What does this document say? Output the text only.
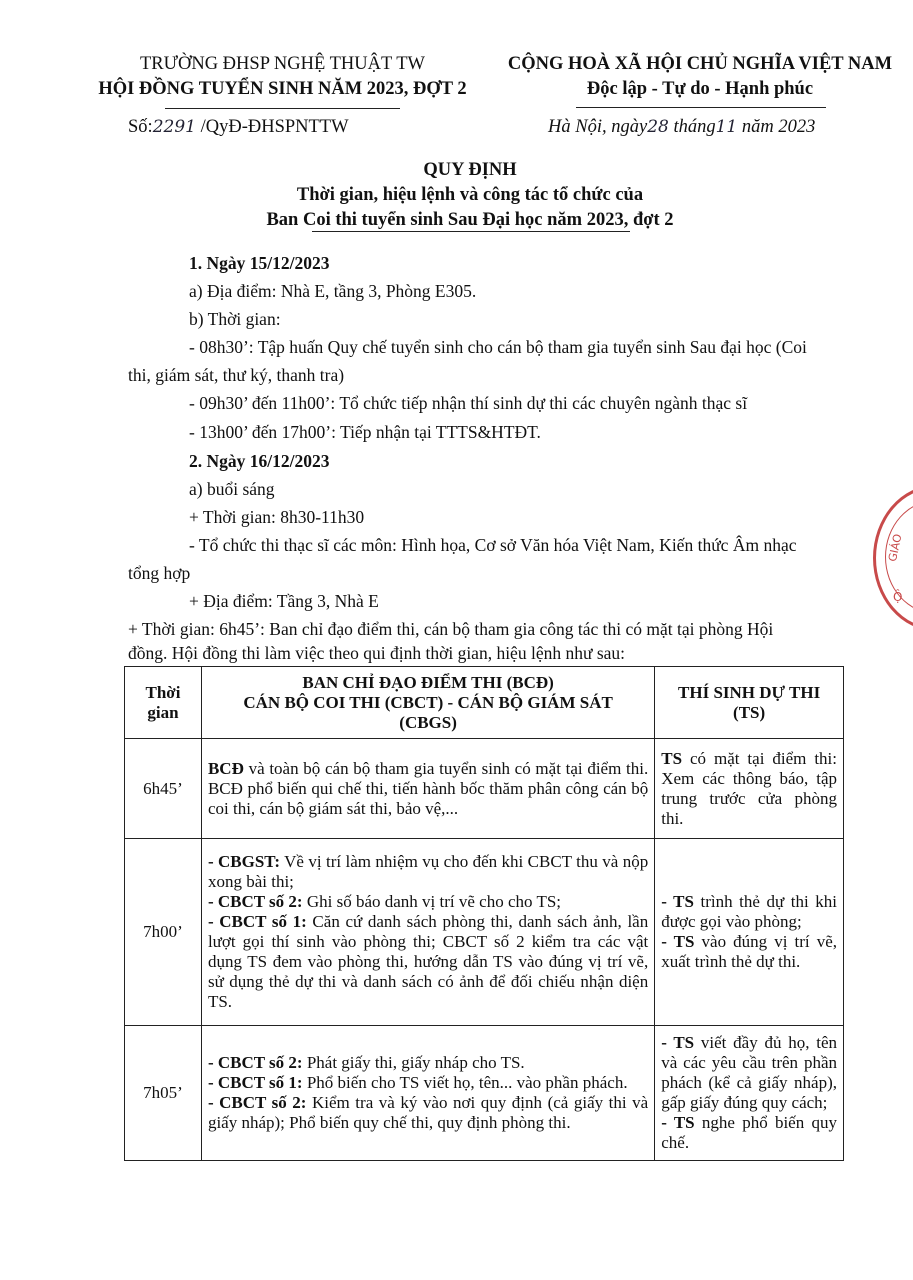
TRƯỜNG ĐHSP NGHỆ THUẬT TW
HỘI ĐỒNG TUYỂN SINH NĂM 2023, ĐỢT 2
CỘNG HOÀ XÃ HỘI CHỦ NGHĨA VIỆT NAM
Độc lập - Tự do - Hạnh phúc
Số:2291 /QyĐ-ĐHSPNTTW	Hà Nội, ngày28 tháng11 năm 2023
QUY ĐỊNH
Thời gian, hiệu lệnh và công tác tổ chức của
Ban Coi thi tuyển sinh Sau Đại học năm 2023, đợt 2
1. Ngày 15/12/2023
a) Địa điểm: Nhà E, tầng 3, Phòng E305.
b) Thời gian:
- 08h30’: Tập huấn Quy chế tuyển sinh cho cán bộ tham gia tuyển sinh Sau đại học (Coi
thi, giám sát, thư ký, thanh tra)
- 09h30’ đến 11h00’: Tổ chức tiếp nhận thí sinh dự thi các chuyên ngành thạc sĩ
- 13h00’ đến 17h00’: Tiếp nhận tại TTTS&HTĐT.
2. Ngày 16/12/2023
a) buổi sáng
+ Thời gian: 8h30-11h30
- Tổ chức thi thạc sĩ các môn: Hình họa, Cơ sở Văn hóa Việt Nam, Kiến thức Âm nhạc
tổng hợp
+ Địa điểm: Tầng 3, Nhà E
+ Thời gian: 6h45’: Ban chỉ đạo điểm thi, cán bộ tham gia công tác thi có mặt tại phòng Hội
đồng. Hội đồng thi làm việc theo qui định thời gian, hiệu lệnh như sau:
GIÁO
Ộ
Thời gian	BAN CHỈ ĐẠO ĐIỂM THI (BCĐ)
CÁN BỘ COI THI (CBCT) - CÁN BỘ GIÁM SÁT
(CBGS)	THÍ SINH DỰ THI
(TS)

6h45’	BCĐ và toàn bộ cán bộ tham gia tuyển sinh có mặt tại điểm thi. BCĐ phổ biến qui chế thi, tiến hành bốc thăm phân công cán bộ coi thi, cán bộ giám sát thi, bảo vệ,...	TS có mặt tại điểm thi: Xem các thông báo, tập trung trước cửa phòng thi.

7h00’	- CBGST: Về vị trí làm nhiệm vụ cho đến khi CBCT thu và nộp xong bài thi;
- CBCT số 2: Ghi số báo danh vị trí vẽ cho cho TS;
- CBCT số 1: Căn cứ danh sách phòng thi, danh sách ảnh, lần lượt gọi thí sinh vào phòng thi; CBCT số 2 kiểm tra các vật dụng TS đem vào phòng thi, hướng dẫn TS vào đúng vị trí vẽ, sử dụng thẻ dự thi và danh sách có ảnh để đối chiếu nhận diện TS.	- TS trình thẻ dự thi khi được gọi vào phòng;
- TS vào đúng vị trí vẽ, xuất trình thẻ dự thi.

7h05’	- CBCT số 2: Phát giấy thi, giấy nháp cho TS.
- CBCT số 1: Phổ biến cho TS viết họ, tên... vào phần phách.
- CBCT số 2: Kiểm tra và ký vào nơi quy định (cả giấy thi và giấy nháp); Phổ biến quy chế thi, quy định phòng thi.	- TS viết đầy đủ họ, tên và các yêu cầu trên phần phách (kể cả giấy nháp), gấp giấy đúng quy cách;
- TS nghe phổ biến quy chế.
